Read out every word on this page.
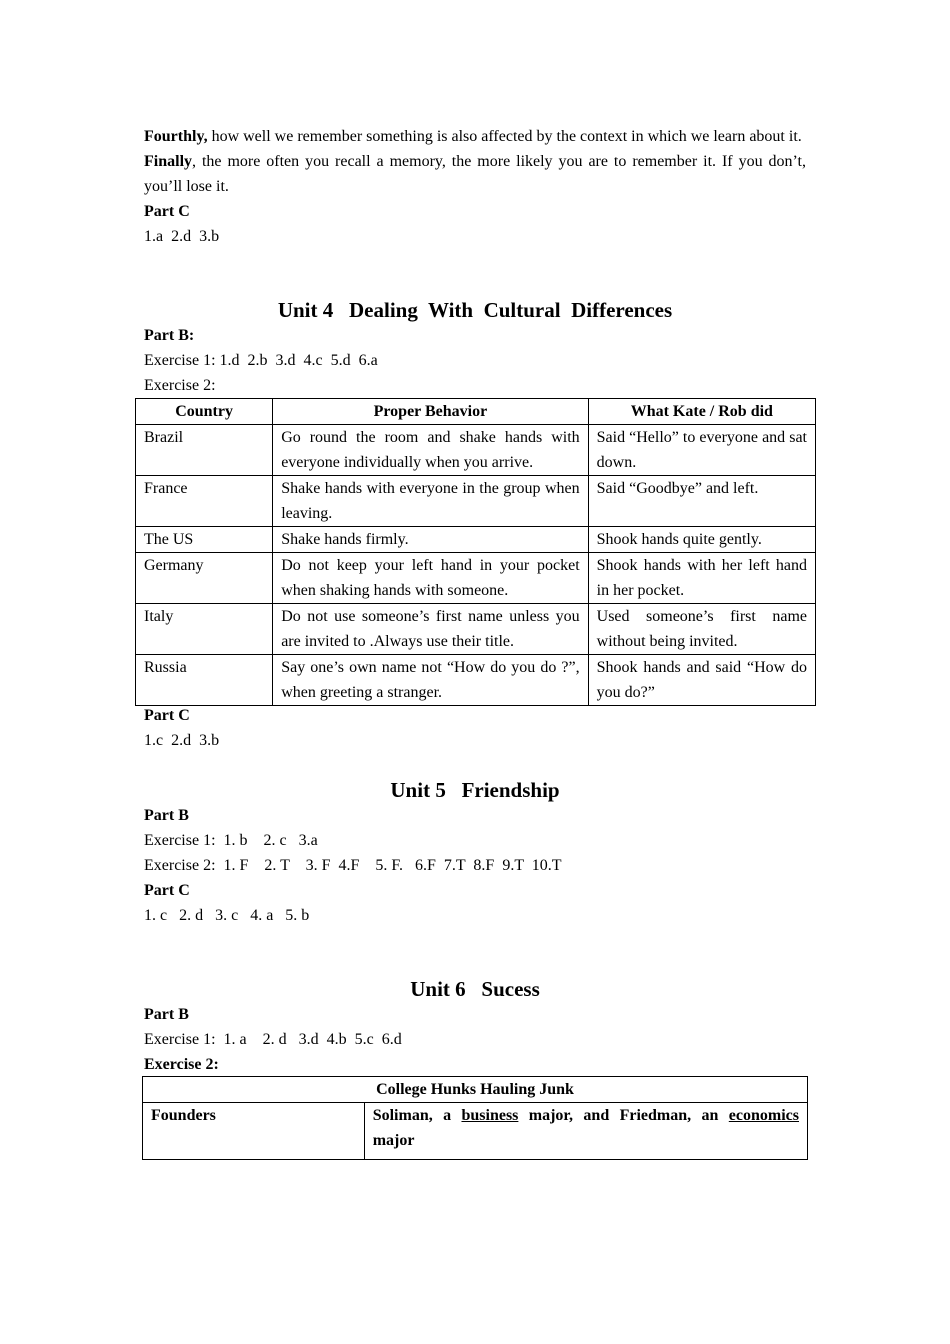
Fourthly, how well we remember something is also affected by the context in which we learn about it.

Finally, the more often you recall a memory, the more likely you are to remember it. If you don’t, you’ll lose it.

Part C

1.a  2.d  3.b

Unit 4   Dealing  With  Cultural  Differences

Part B:

Exercise 1: 1.d  2.b  3.d  4.c  5.d  6.a

Exercise 2:

Country	Proper Behavior	What Kate / Rob did
Brazil	Go round the room and shake hands with everyone individually when you arrive.	Said “Hello” to everyone and sat down.
France	Shake hands with everyone in the group when leaving.	Said “Goodbye” and left.
The US	Shake hands firmly.	Shook hands quite gently.
Germany	Do not keep your left hand in your pocket when shaking hands with someone.	Shook hands with her left hand in her pocket.
Italy	Do not use someone’s first name unless you are invited to .Always use their title.	Used someone’s first name without being invited.
Russia	Say one’s own name not “How do you do ?”, when greeting a stranger.	Shook hands and said “How do you do?”

Part C

1.c  2.d  3.b

Unit 5   Friendship

Part B

Exercise 1:  1. b    2. c   3.a

Exercise 2:  1. F    2. T    3. F  4.F    5. F.   6.F  7.T  8.F  9.T  10.T

Part C

1. c   2. d   3. c   4. a   5. b

Unit 6   Sucess

Part B

Exercise 1:  1. a    2. d   3.d  4.b  5.c  6.d

Exercise 2:

College Hunks Hauling Junk
Founders	Soliman, a business major, and Friedman, an economics major
